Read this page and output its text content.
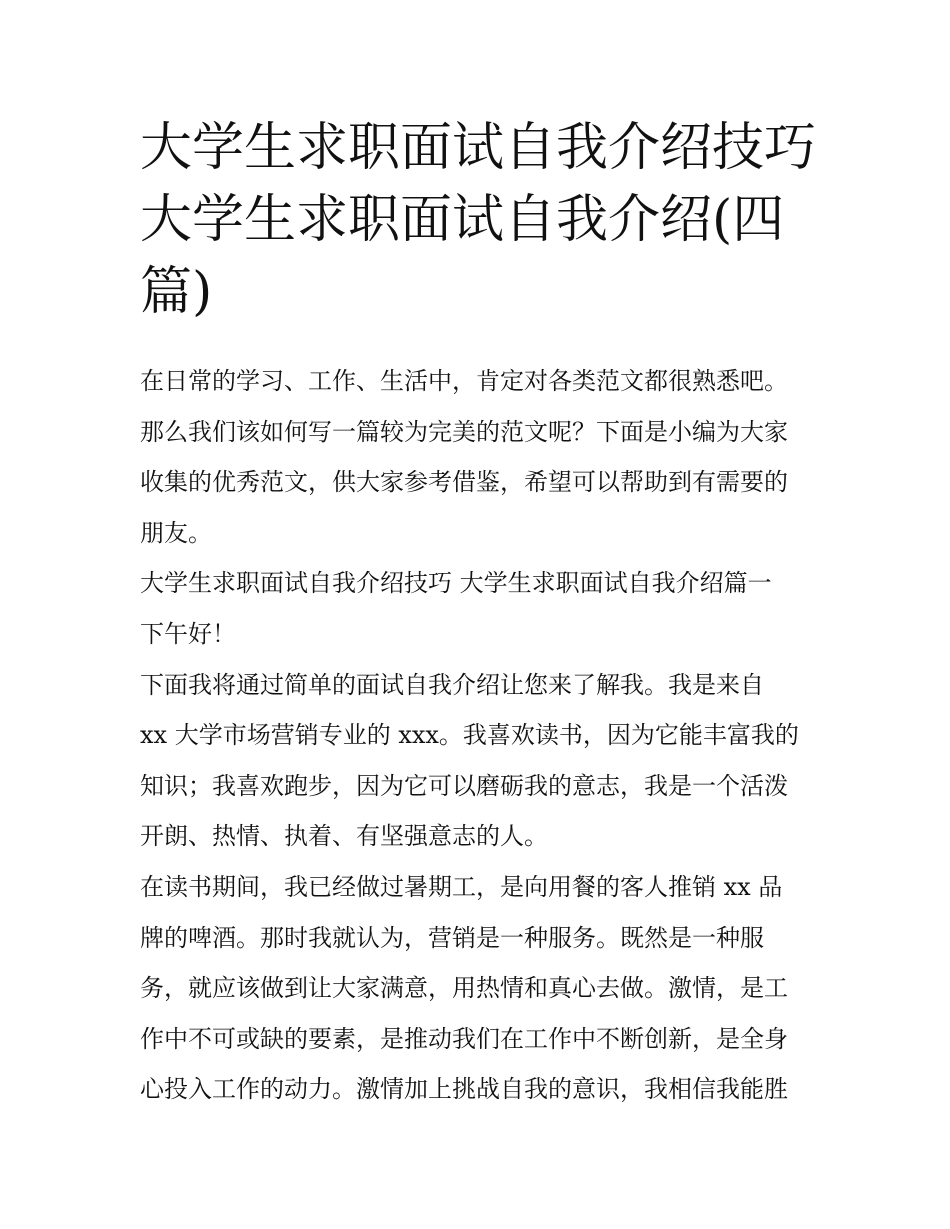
大学生求职面试自我介绍技巧
大学生求职面试自我介绍(四
篇)
在日常的学习、工作、生活中，肯定对各类范文都很熟悉吧。
那么我们该如何写一篇较为完美的范文呢？下面是小编为大家
收集的优秀范文，供大家参考借鉴，希望可以帮助到有需要的
朋友。
大学生求职面试自我介绍技巧 大学生求职面试自我介绍篇一
下午好！
下面我将通过简单的面试自我介绍让您来了解我。我是来自
xx 大学市场营销专业的 xxx。我喜欢读书，因为它能丰富我的
知识；我喜欢跑步，因为它可以磨砺我的意志，我是一个活泼
开朗、热情、执着、有坚强意志的人。
在读书期间，我已经做过暑期工，是向用餐的客人推销 xx 品
牌的啤酒。那时我就认为，营销是一种服务。既然是一种服
务，就应该做到让大家满意，用热情和真心去做。激情，是工
作中不可或缺的要素，是推动我们在工作中不断创新，是全身
心投入工作的动力。激情加上挑战自我的意识，我相信我能胜
